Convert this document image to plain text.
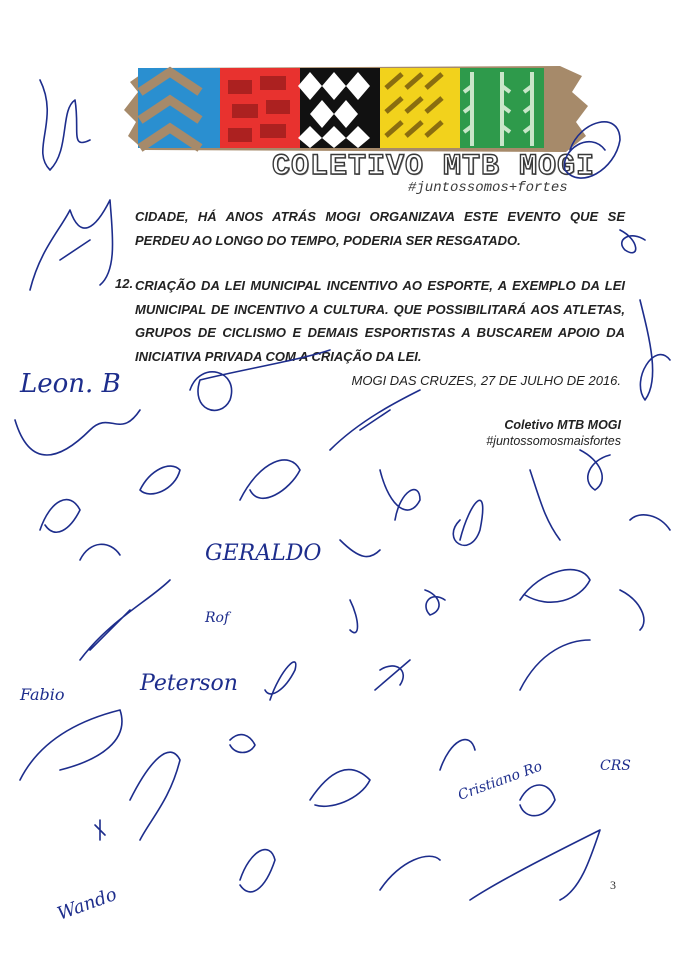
COLETIVO MTB MOGI
#juntossomos+fortes

CIDADE, HÁ ANOS ATRÁS MOGI ORGANIZAVA ESTE EVENTO QUE SE PERDEU AO LONGO DO TEMPO, PODERIA SER RESGATADO.

12. CRIAÇÃO DA LEI MUNICIPAL INCENTIVO AO ESPORTE, A EXEMPLO DA LEI MUNICIPAL DE INCENTIVO A CULTURA. QUE POSSIBILITARÁ AOS ATLETAS, GRUPOS DE CICLISMO E DEMAIS ESPORTISTAS A BUSCAREM APOIO DA INICIATIVA PRIVADA COM A CRIAÇÃO DA LEI.

MOGI DAS CRUZES, 27 DE JULHO DE 2016.
Coletivo MTB MOGI
#juntossomosmaisfortes
3
Leon. B
GERALDO
Rof
Peterson
Fabio
Cristiano Ro	CRS
Wando
